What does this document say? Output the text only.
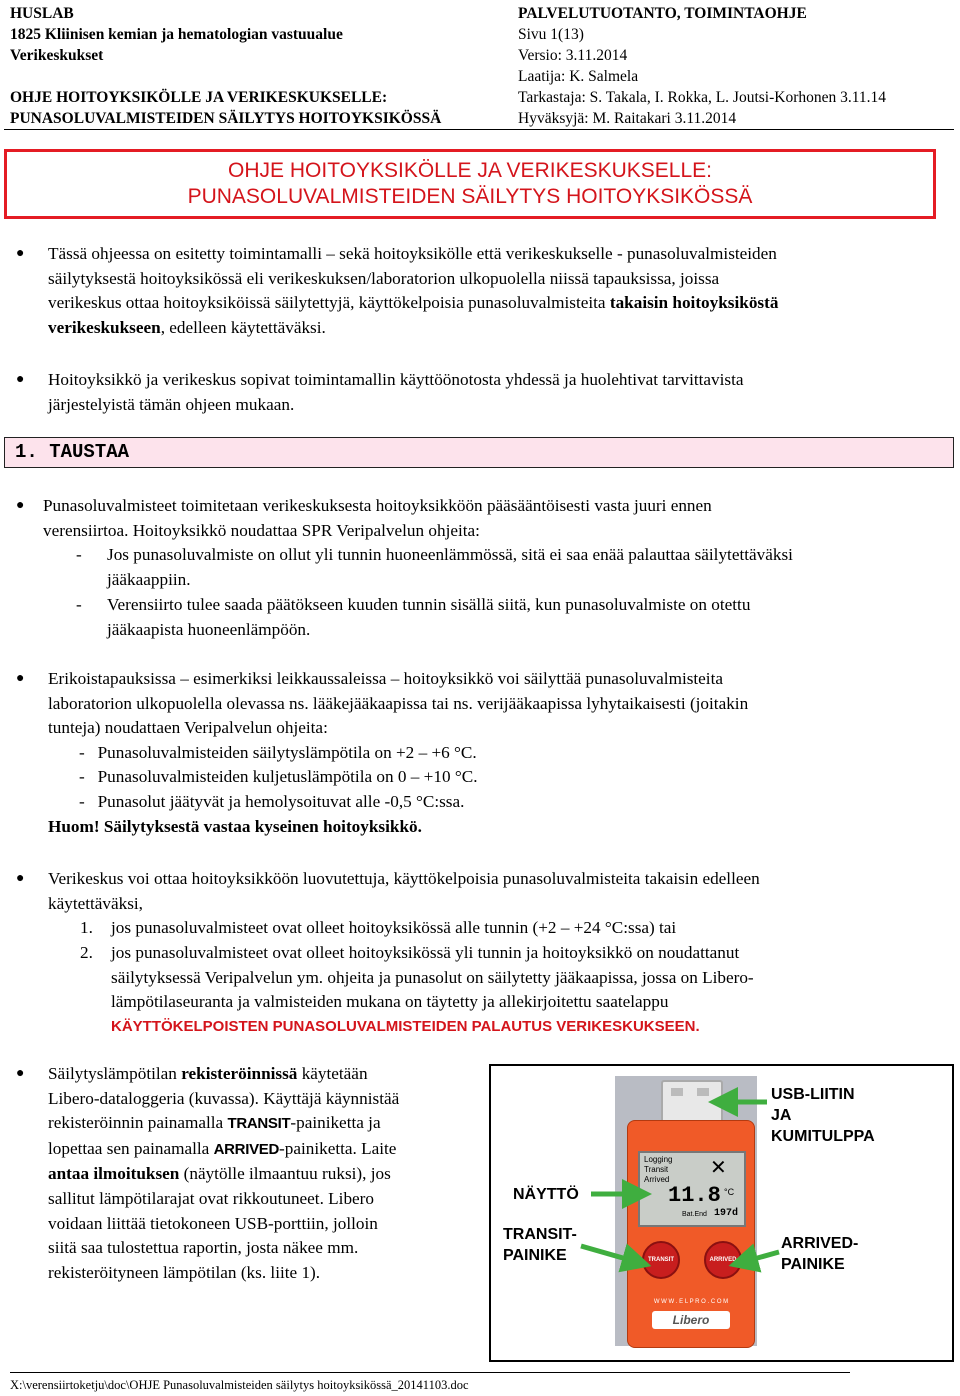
HUSLAB
1825 Kliinisen kemian ja hematologian vastuualue
Verikeskukset

OHJE HOITOYKSIKÖLLE JA VERIKESKUKSELLE:
PUNASOLUVALMISTEIDEN SÄILYTYS HOITOYKSIKÖSSÄ
PALVELUTUOTANTO, TOIMINTAOHJE
Sivu 1(13)
Versio: 3.11.2014
Laatija: K. Salmela
Tarkastaja: S. Takala, I. Rokka, L. Joutsi-Korhonen 3.11.14
Hyväksyjä: M. Raitakari 3.11.2014
OHJE HOITOYKSIKÖLLE JA VERIKESKUKSELLE:
PUNASOLUVALMISTEIDEN SÄILYTYS HOITOYKSIKÖSSÄ
● Tässä ohjeessa on esitetty toimintamalli – sekä hoitoyksikölle että verikeskukselle - punasoluvalmisteiden
säilytyksestä hoitoyksikössä eli verikeskuksen/laboratorion ulkopuolella niissä tapauksissa, joissa
verikeskus ottaa hoitoyksiköissä säilytettyjä, käyttökelpoisia punasoluvalmisteita takaisin hoitoyksiköstä
verikeskukseen, edelleen käytettäväksi.
● Hoitoyksikkö ja verikeskus sopivat toimintamallin käyttöönotosta yhdessä ja huolehtivat tarvittavista
järjestelyistä tämän ohjeen mukaan.
1. TAUSTAA
● Punasoluvalmisteet toimitetaan verikeskuksesta hoitoyksikköön pääsääntöisesti vasta juuri ennen
verensiirtoa. Hoitoyksikkö noudattaa SPR Veripalvelun ohjeita:
- Jos punasoluvalmiste on ollut yli tunnin huoneenlämmössä, sitä ei saa enää palauttaa säilytettäväksi
jääkaappiin.
- Verensiirto tulee saada päätökseen kuuden tunnin sisällä siitä, kun punasoluvalmiste on otettu
jääkaapista huoneenlämpöön.
● Erikoistapauksissa – esimerkiksi leikkaussaleissa – hoitoyksikkö voi säilyttää punasoluvalmisteita
laboratorion ulkopuolella olevassa ns. lääkejääkaapissa tai ns. verijääkaapissa lyhytaikaisesti (joitakin
tunteja) noudattaen Veripalvelun ohjeita:
-   Punasoluvalmisteiden säilytyslämpötila on +2 – +6 °C.
-   Punasoluvalmisteiden kuljetuslämpötila on 0 – +10 °C.
-   Punasolut jäätyvät ja hemolysoituvat alle -0,5 °C:ssa.
Huom! Säilytyksestä vastaa kyseinen hoitoyksikkö.
● Verikeskus voi ottaa hoitoyksikköön luovutettuja, käyttökelpoisia punasoluvalmisteita takaisin edelleen
käytettäväksi,
1. jos punasoluvalmisteet ovat olleet hoitoyksikössä alle tunnin (+2 – +24 °C:ssa) tai
2. jos punasoluvalmisteet ovat olleet hoitoyksikössä yli tunnin ja hoitoyksikkö on noudattanut
säilytyksessä Veripalvelun ym. ohjeita ja punasolut on säilytetty jääkaapissa, jossa on Libero-
lämpötilaseuranta ja valmisteiden mukana on täytetty ja allekirjoitettu saatelappu
KÄYTTÖKELPOISTEN PUNASOLUVALMISTEIDEN PALAUTUS VERIKESKUKSEEN.
● Säilytyslämpötilan rekisteröinnissä käytetään
Libero-dataloggeria (kuvassa). Käyttäjä käynnistää
rekisteröinnin painamalla TRANSIT-painiketta ja
lopettaa sen painamalla ARRIVED-painiketta. Laite
antaa ilmoituksen (näytölle ilmaantuu ruksi), jos
sallitut lämpötilarajat ovat rikkoutuneet. Libero
voidaan liittää tietokoneen USB-porttiin, jolloin
siitä saa tulostettua raportin, josta näkee mm.
rekisteröityneen lämpötilan (ks. liite 1).
Logging
Transit
Arrived
✕
11.8 °C
Bat.End 197d
TRANSIT	ARRIVED
W W W . E L P R O . C O M
Libero
NÄYTTÖ
TRANSIT-
PAINIKE
USB-LIITIN
JA
KUMITULPPA
ARRIVED-
PAINIKE
X:\verensiirtoketju\doc\OHJE Punasoluvalmisteiden säilytys hoitoyksikössä_20141103.doc
